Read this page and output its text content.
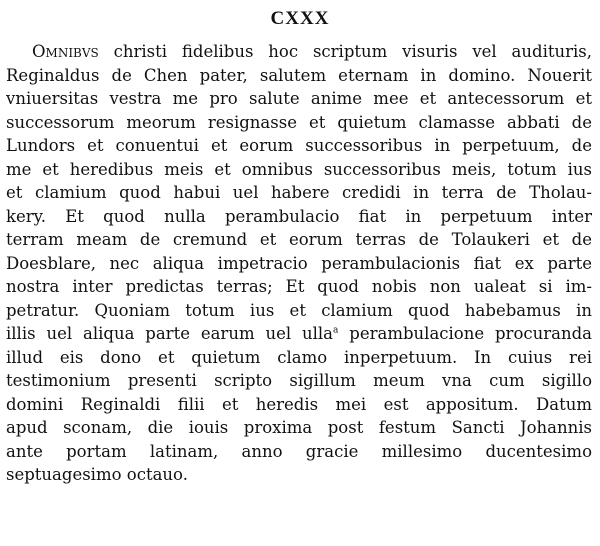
CXXX
Omnibvs christi fidelibus hoc scriptum visuris vel audituris,
Reginaldus de Chen pater, salutem eternam in domino. Nouerit
vniuersitas vestra me pro salute anime mee et antecessorum et
successorum meorum resignasse et quietum clamasse abbati de
Lundors et conuentui et eorum successoribus in perpetuum, de
me et heredibus meis et omnibus successoribus meis, totum ius
et clamium quod habui uel habere credidi in terra de Tholau-
kery. Et quod nulla perambulacio fiat in perpetuum inter
terram meam de cremund et eorum terras de Tolaukeri et de
Doesblare, nec aliqua impetracio perambulacionis fiat ex parte
nostra inter predictas terras; Et quod nobis non ualeat si im-
petratur. Quoniam totum ius et clamium quod habebamus in
illis uel aliqua parte earum uel ulla$^a$ perambulacione procuranda
illud eis dono et quietum clamo inperpetuum. In cuius rei
testimonium presenti scripto sigillum meum vna cum sigillo
domini Reginaldi filii et heredis mei est appositum. Datum
apud sconam, die iouis proxima post festum Sancti Johannis
ante portam latinam, anno gracie millesimo ducentesimo
septuagesimo octauo.
